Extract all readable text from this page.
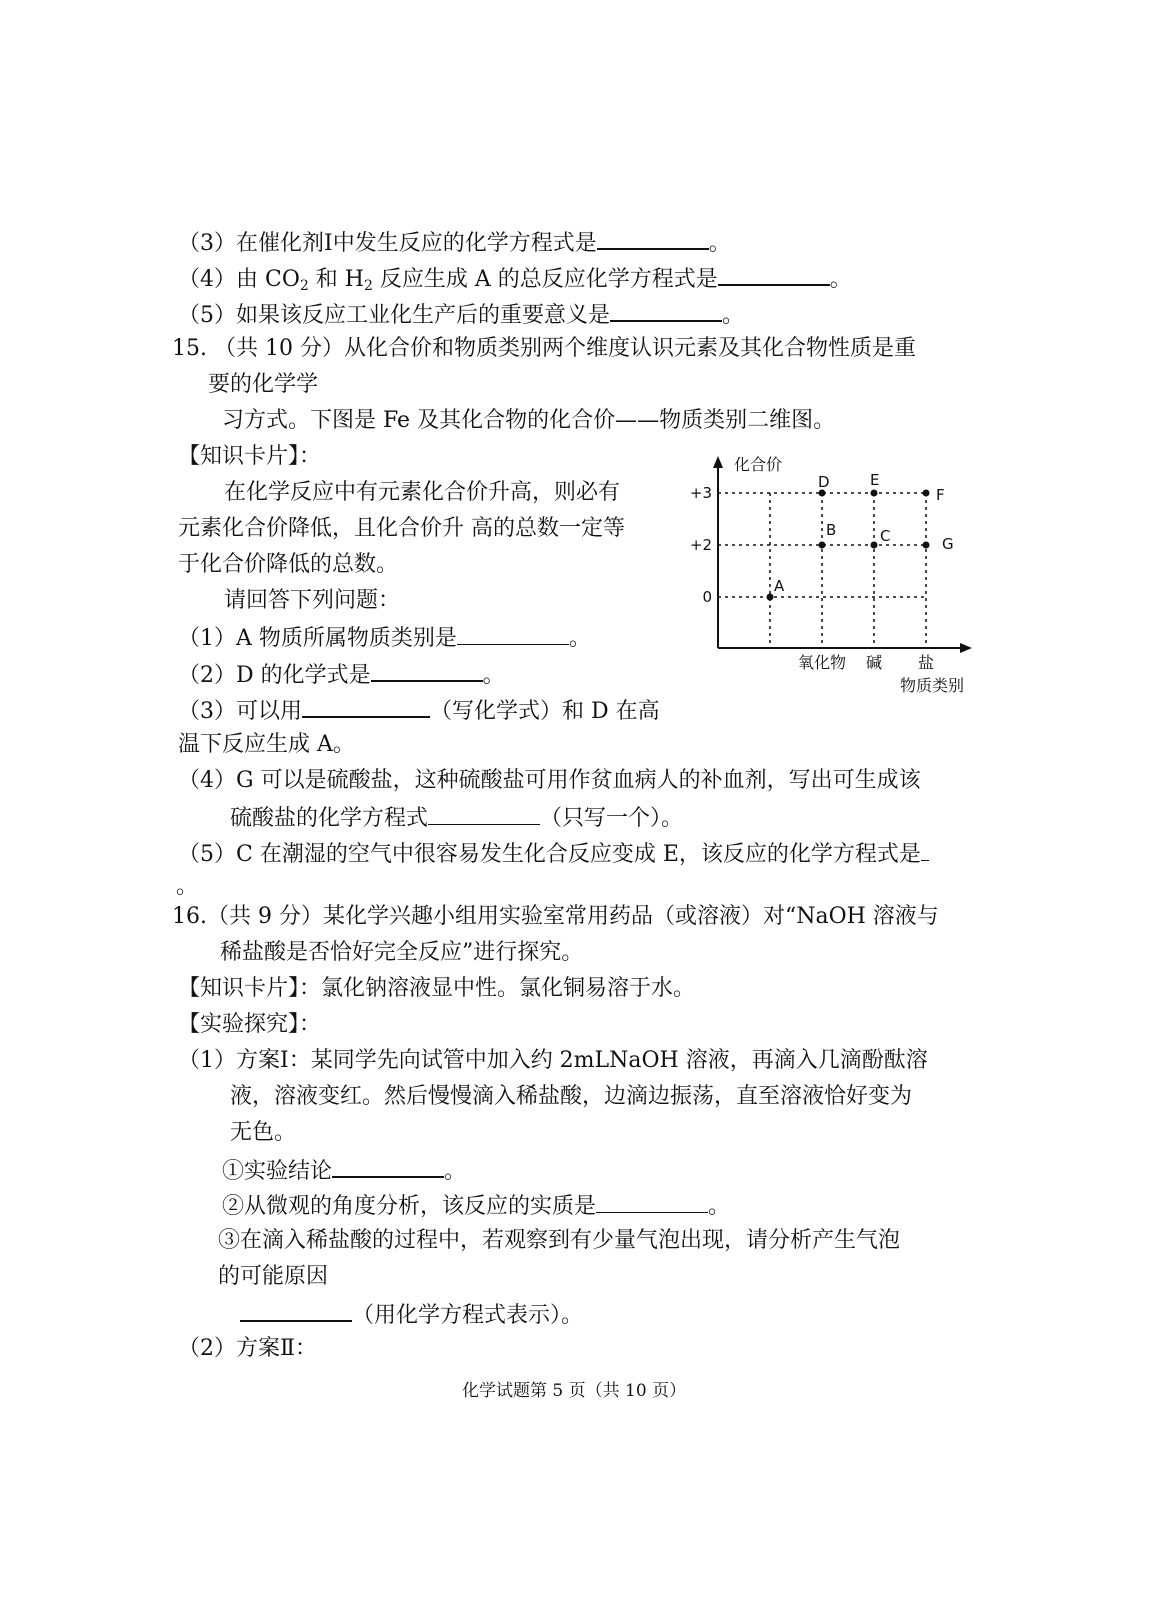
（3）在催化剂Ⅰ中发生反应的化学方程式是	。
（4）由 $CO_2$ 和 $H_2$ 反应生成 A 的总反应化学方程式是	。
（5）如果该反应工业化生产后的重要意义是	。
15. （共 10 分）从化合价和物质类别两个维度认识元素及其化合物性质是重
要的化学学
习方式。下图是 Fe 及其化合物的化合价——物质类别二维图。
【知识卡片】：
在化学反应中有元素化合价升高，则必有
元素化合价降低，且化合价升 高的总数一定等
于化合价降低的总数。
请回答下列问题：
（1）A 物质所属物质类别是	。
（2）D 的化学式是	。
（3）可以用	（写化学式）和 D 在高
温下反应生成 A。
（4）G 可以是硫酸盐，这种硫酸盐可用作贫血病人的补血剂，写出可生成该
硫酸盐的化学方程式	（只写一个）。
（5）C 在潮湿的空气中很容易发生化合反应变成 E，该反应的化学方程式是
。
化合价
物质类别
+3
+2
0
氧化物 碱 盐
A
B	C
D	E
F
G
16.（共 9 分）某化学兴趣小组用实验室常用药品（或溶液）对“NaOH 溶液与
稀盐酸是否恰好完全反应”进行探究。
【知识卡片】：氯化钠溶液显中性。氯化铜易溶于水。
【实验探究】：
（1）方案Ⅰ：某同学先向试管中加入约 2mLNaOH 溶液，再滴入几滴酚酞溶
液，溶液变红。然后慢慢滴入稀盐酸，边滴边振荡，直至溶液恰好变为
无色。
①实验结论	。
②从微观的角度分析，该反应的实质是	。
③在滴入稀盐酸的过程中，若观察到有少量气泡出现，请分析产生气泡
的可能原因
（用化学方程式表示）。
（2）方案Ⅱ：
化学试题第 5 页（共 10 页）
